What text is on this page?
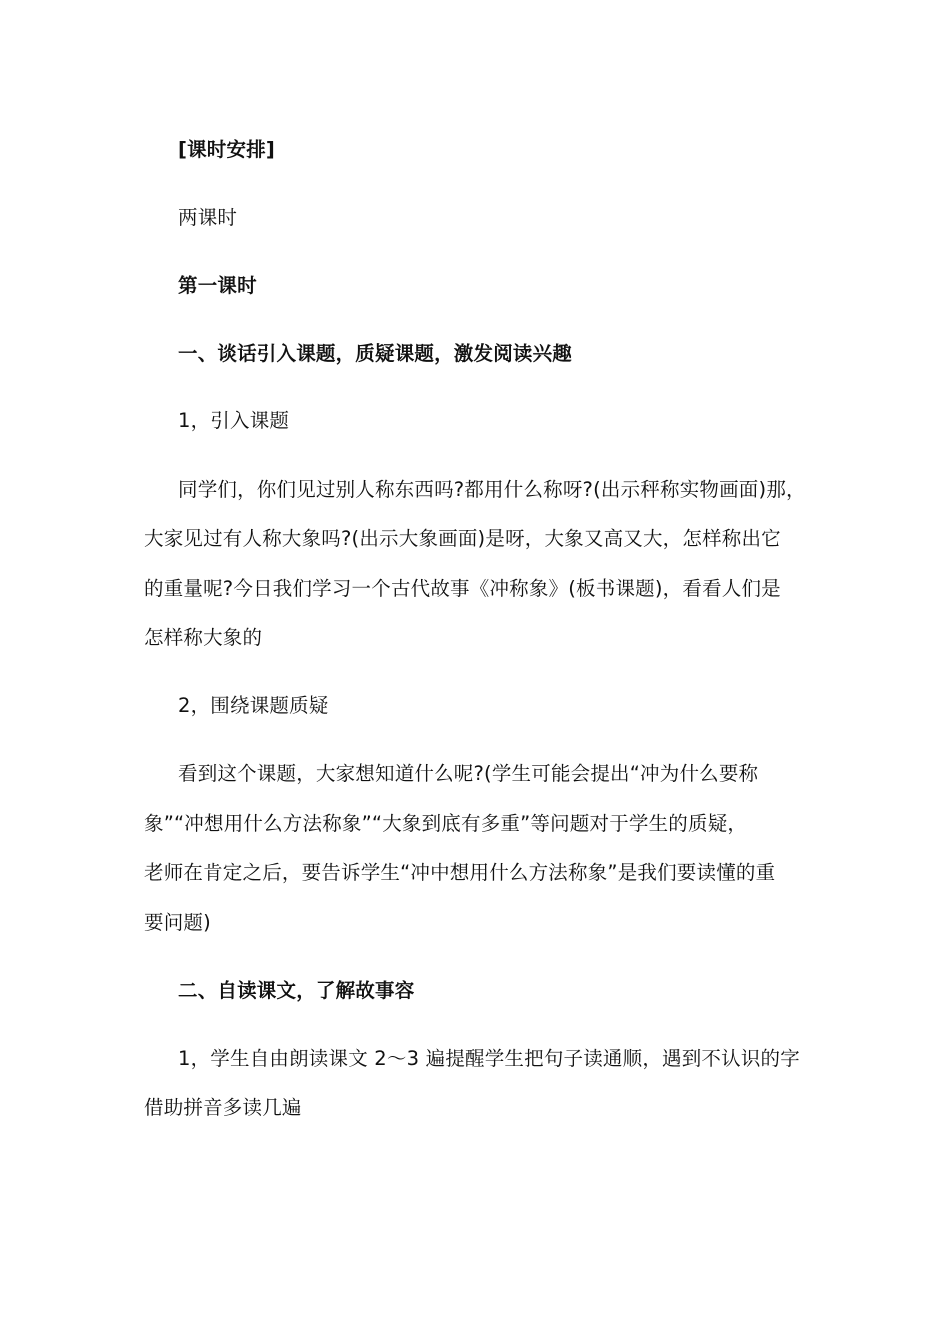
[课时安排]
两课时
第一课时
一、谈话引入课题，质疑课题，激发阅读兴趣
1，引入课题
同学们，你们见过别人称东西吗?都用什么称呀?(出示秤称实物画面)那，
大家见过有人称大象吗?(出示大象画面)是呀，大象又高又大，怎样称出它
的重量呢?今日我们学习一个古代故事《冲称象》(板书课题)，看看人们是
怎样称大象的
2，围绕课题质疑
看到这个课题，大家想知道什么呢?(学生可能会提出“冲为什么要称
象”“冲想用什么方法称象”“大象到底有多重”等问题对于学生的质疑，
老师在肯定之后，要告诉学生“冲中想用什么方法称象”是我们要读懂的重
要问题)
二、自读课文，了解故事容
1，学生自由朗读课文 2～3 遍提醒学生把句子读通顺，遇到不认识的字
借助拼音多读几遍
